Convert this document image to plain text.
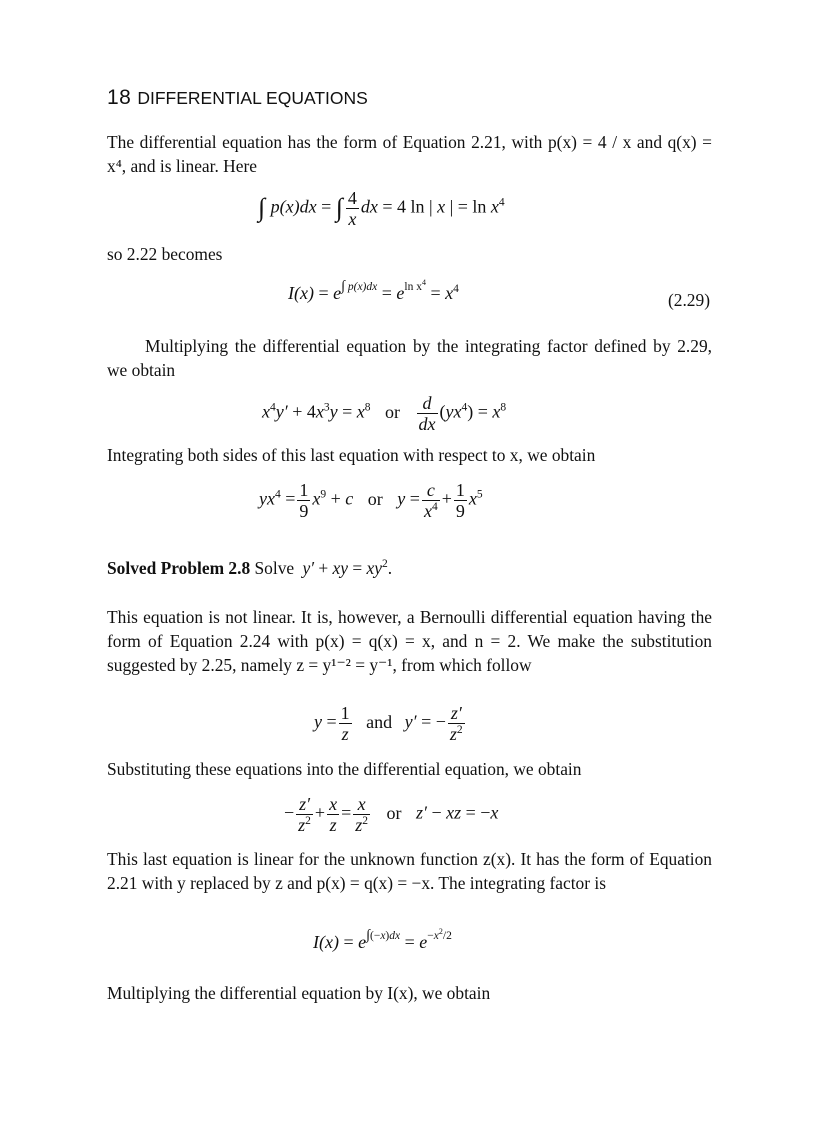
18 DIFFERENTIAL EQUATIONS
The differential equation has the form of Equation 2.21, with p(x) = 4 / x and q(x) = x⁴, and is linear. Here
∫ p(x)dx = ∫ $\frac{4}{x}$ dx = 4 ln | x | = $\ln x^4$
so 2.22 becomes
$I(x) = e^{\int p(x)dx} = e^{ln x^4} = x^4$
(2.29)
Multiplying the differential equation by the integrating factor defined by 2.29, we obtain
$x^4y' + 4x^3y = x^8$ or $\frac{d}{dx} (yx^4) = x^8$
Integrating both sides of this last equation with respect to x, we obtain
$yx^4 = \frac{1}{9} x^9 + c$ or $y = \frac{c}{x^4} + \frac{1}{9} x^5$
Solved Problem 2.8 Solve y′ + xy = $xy^2$.
This equation is not linear. It is, however, a Bernoulli differential equation having the form of Equation 2.24 with p(x) = q(x) = x, and n = 2. We make the substitution suggested by 2.25, namely z = y¹⁻² = y⁻¹, from which follow
$y = \frac{1}{z}$ and y′ = − $\frac{z'}{z^2}$
Substituting these equations into the differential equation, we obtain
− $\frac{z'}{z^2} + \frac{x}{z} = \frac{x}{z^2}$ or z′ − xz = −x
This last equation is linear for the unknown function z(x). It has the form of Equation 2.21 with y replaced by z and p(x) = q(x) = −x. The integrating factor is
$I(x) = e^{\int(-x)dx} = e^{-x^2/2}$
Multiplying the differential equation by I(x), we obtain
